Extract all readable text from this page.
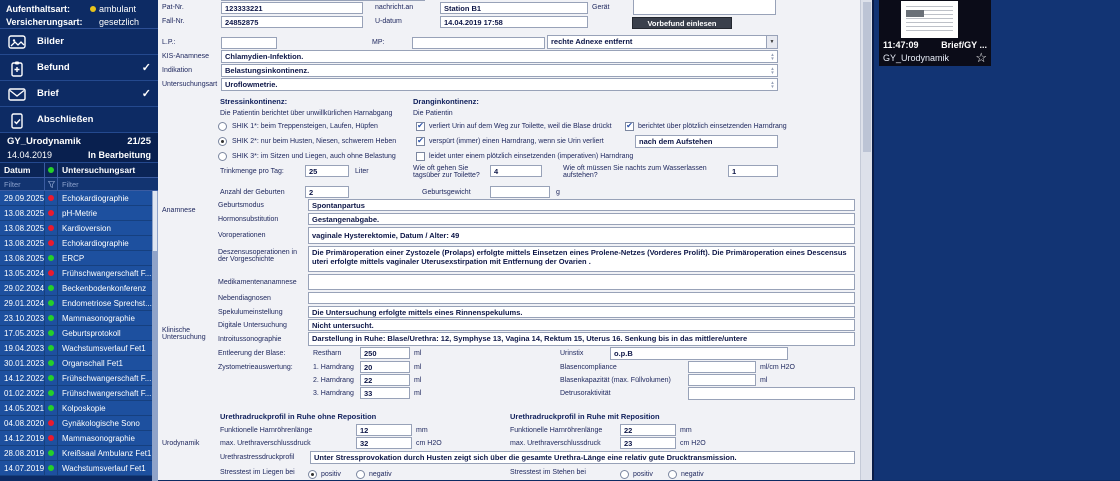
Aufenthaltsart:	ambulant
Versicherungsart:	gesetzlich
Bilder
Befund	✓
Brief	✓
Abschließen
GY_Urodynamik	21/25
14.04.2019	In Bearbeitung
Datum	Untersuchungsart
Filter	Filter
29.09.2025	Echokardiographie
13.08.2025	pH-Metrie
13.08.2025	Kardioversion
13.08.2025	Echokardiographie
13.08.2025	ERCP
13.05.2024	Frühschwangerschaft F...
29.02.2024	Beckenbodenkonferenz
29.01.2024	Endometriose Sprechst...
23.10.2023	Mammasonographie
17.05.2023	Geburtsprotokoll
19.04.2023	Wachstumsverlauf Fet1
30.01.2023	Organschall Fet1
14.12.2022	Frühschwangerschaft F...
01.02.2022	Frühschwangerschaft F...
14.05.2021	Kolposkopie
04.08.2020	Gynäkologische Sono
14.12.2019	Mammasonographie
28.08.2019	Kreißsaal Ambulanz Fet1
14.07.2019	Wachstumsverlauf Fet1
Pat-Nr.	123333221	nachricht.an	Station B1	Gerät
Fall-Nr.	24852875	U-datum	14.04.2019 17:58	Vorbefund einlesen
L.P.:	MP:	rechte Adnexe entfernt	▼
KIS-Anamnese	Chlamydien-Infektion.	▲
▼
Indikation	Belastungsinkontinenz.	▲
▼
Untersuchungsart	Uroflowmetrie.	▲
▼
Stressinkontinenz:
Die Patientin berichtet über unwillkürlichen Harnabgang
SHIK 1*: beim Treppensteigen, Laufen, Hüpfen
SHIK 2*: nur beim Husten, Niesen, schwerem Heben
SHIK 3*: im Sitzen und Liegen, auch ohne Belastung
Trinkmenge pro Tag:	25	Liter
Anzahl der Geburten	2
Dranginkontinenz:
Die Patientin
✔
verliert Urin auf dem Weg zur Toilette, weil die Blase drückt ✔	berichtet über plötzlich einsetzenden Harndrang
✔
verspürt (immer) einen Harndrang, wenn sie Urin verliert	nach dem Aufstehen
leidet unter einem plötzlich einsetzenden (imperativen) Harndrang
Wie oft gehen Sie tagsüber zur Toilette?	4	Wie oft müssen Sie nachts zum Wasserlassen aufstehen?	1
Geburtsgewicht	g
Anamnese
Geburtsmodus	Spontanpartus
Hormonsubstitution	Gestangenabgabe.
Voroperationen	vaginale Hysterektomie, Datum / Alter: 49
Deszensusoperationen in der Vorgeschichte
Die Primäroperation einer Zystozele (Prolaps) erfolgte mittels Einsetzen eines Prolene-Netzes (Vorderes Prolift). Die Primäroperation eines Descensus uteri erfolgte mittels vaginaler Uterusexstirpation mit Entfernung der Ovarien .
Medikamentenanamnese
Nebendiagnosen
Klinische Untersuchung
Spekulumeinstellung	Die Untersuchung erfolgte mittels eines Rinnenspekulums.
Digitale Untersuchung	Nicht untersucht.
Introitussonographie	Darstellung in Ruhe: Blase/Urethra: 12, Symphyse 13, Vagina 14, Rektum 15, Uterus 16. Senkung bis in das mittlere/untere
Entleerung der Blase:	Restharn	250	ml	Urinstix	o.p.B
Zystometrieauswertung:	1. Harndrang	20	ml	Blasencompliance	ml/cm H2O
2. Harndrang	22	ml	Blasenkapazität (max. Füllvolumen)	ml
3. Harndrang	33	ml	Detrusoraktivität
Urodynamik
Urethradruckprofil in Ruhe ohne Reposition	Urethradruckprofil in Ruhe mit Reposition
Funktionelle Harnröhrenlänge	12	mm	Funktionelle Harnröhrenlänge	22	mm
max. Urethraverschlussdruck	32	cm H2O	max. Urethraverschlussdruck	23	cm H2O
Urethrastressdruckprofil	Unter Stressprovokation durch Husten zeigt sich über die gesamte Urethra-Länge eine relativ gute Drucktransmission.
Stresstest im Liegen bei	positiv	negativ	Stresstest im Stehen bei	positiv	negativ
11:47:09	Brief/GY ...
GY_Urodynamik ☆
